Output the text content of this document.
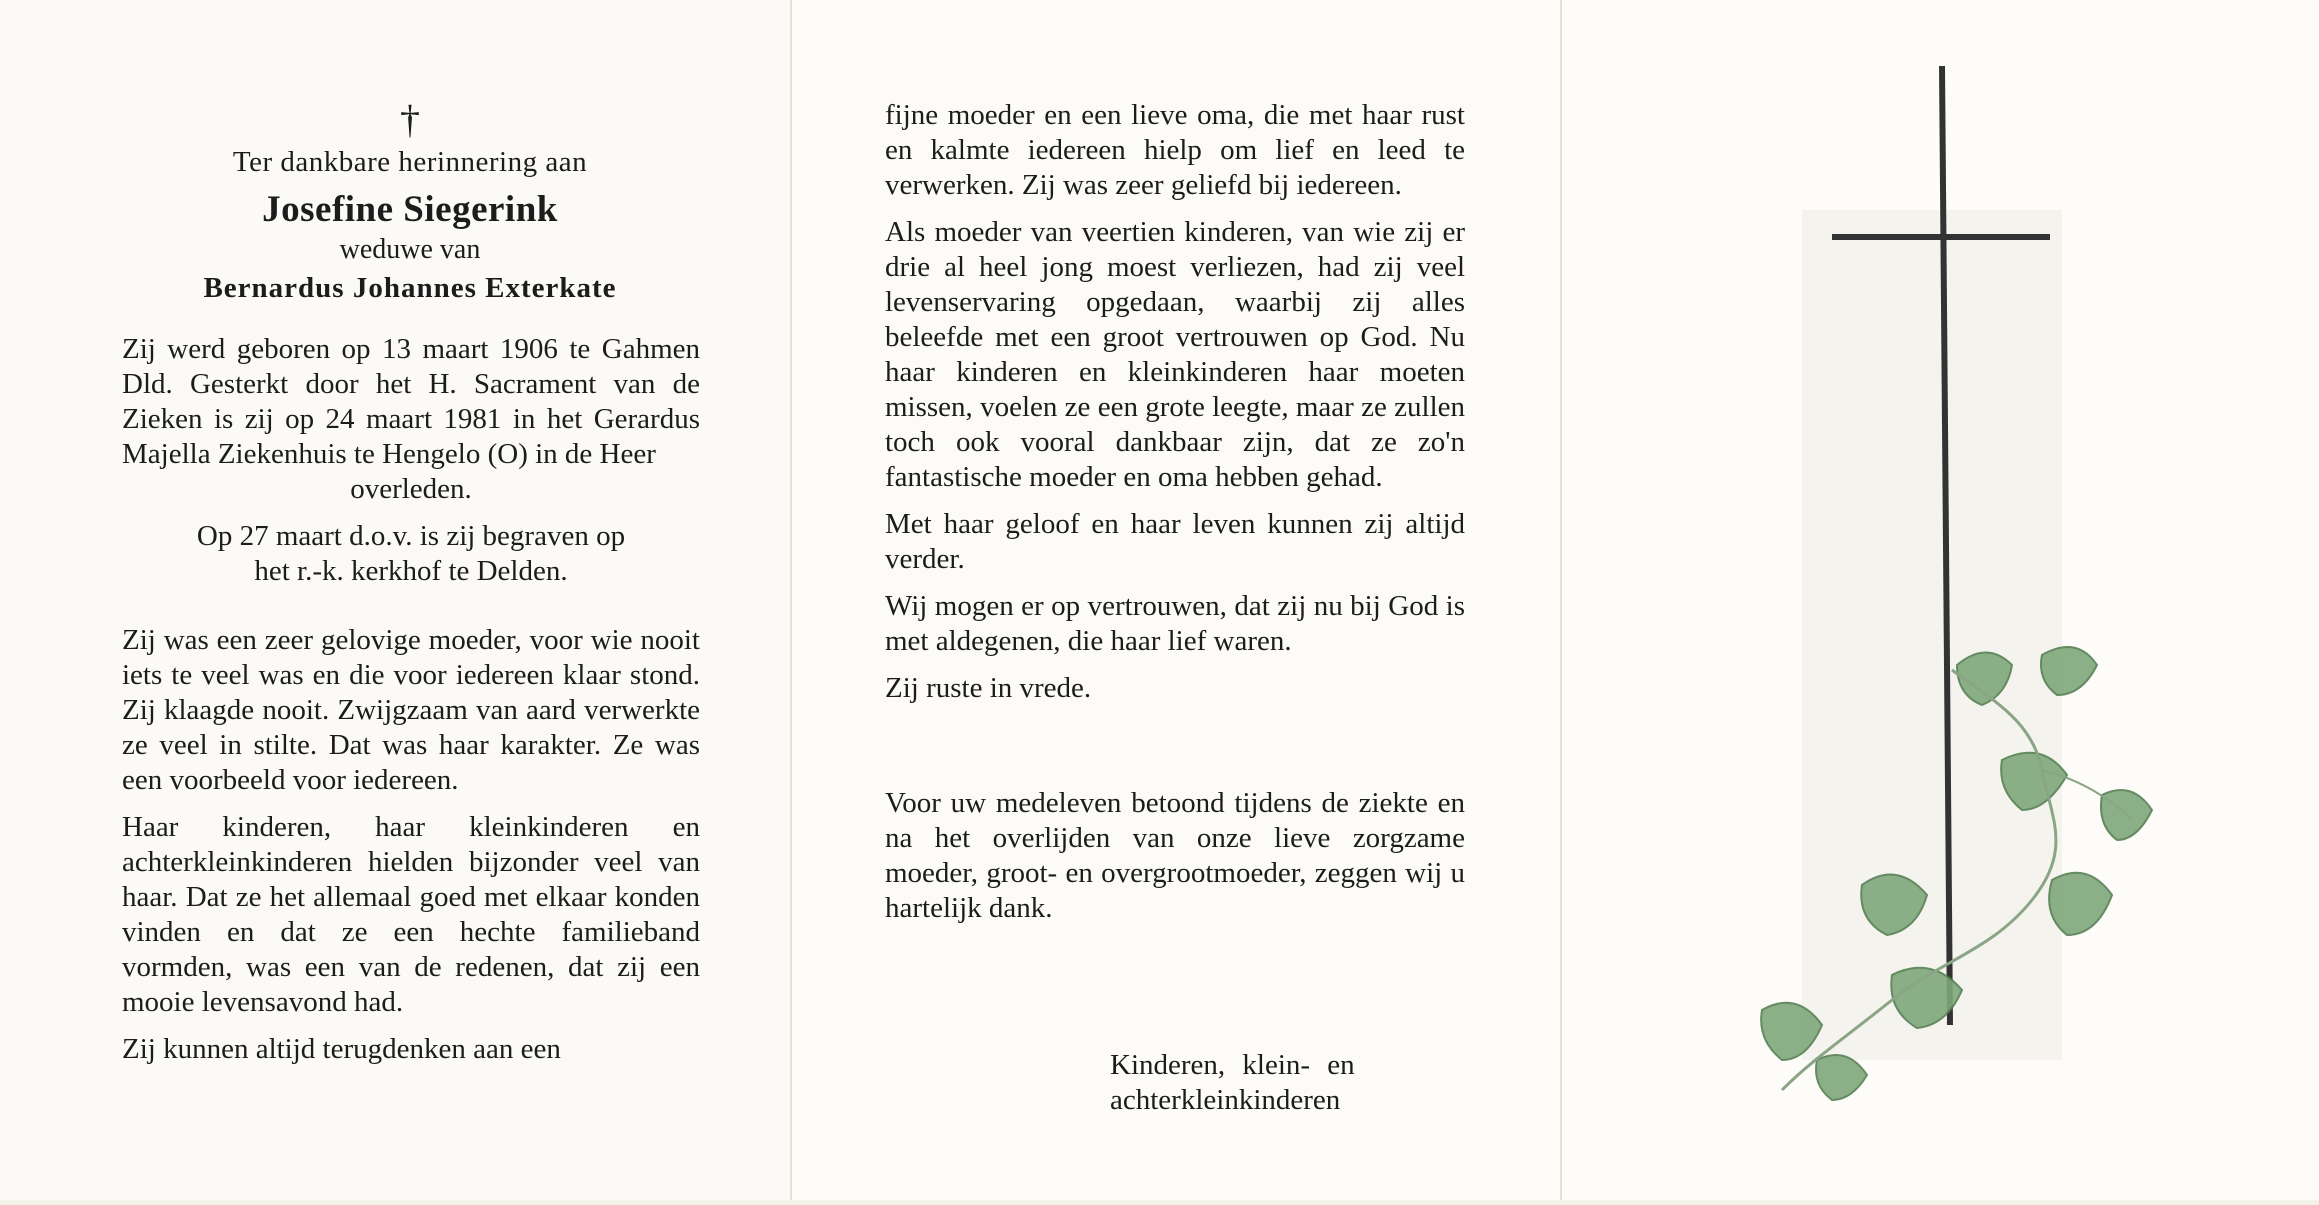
†
Ter dankbare herinnering aan
Josefine Siegerink
weduwe van
Bernardus Johannes Exterkate

Zij werd geboren op 13 maart 1906 te Gahmen Dld. Gesterkt door het H. Sacrament van de Zieken is zij op 24 maart 1981 in het Gerardus Majella Ziekenhuis te Hengelo (O) in de Heer

overleden.

Op 27 maart d.o.v. is zij begraven op

het r.-k. kerkhof te Delden.

Zij was een zeer gelovige moeder, voor wie nooit iets te veel was en die voor iedereen klaar stond. Zij klaagde nooit. Zwijgzaam van aard verwerkte ze veel in stilte. Dat was haar karakter. Ze was een voorbeeld voor iedereen.

Haar kinderen, haar kleinkinderen en achterkleinkinderen hielden bijzonder veel van haar. Dat ze het allemaal goed met elkaar konden vinden en dat ze een hechte familieband vormden, was een van de redenen, dat zij een mooie levensavond had.

Zij kunnen altijd terugdenken aan een

fijne moeder en een lieve oma, die met haar rust en kalmte iedereen hielp om lief en leed te verwerken. Zij was zeer geliefd bij iedereen.

Als moeder van veertien kinderen, van wie zij er drie al heel jong moest verliezen, had zij veel levenservaring opgedaan, waarbij zij alles beleefde met een groot vertrouwen op God. Nu haar kinderen en kleinkinderen haar moeten missen, voelen ze een grote leegte, maar ze zullen toch ook vooral dankbaar zijn, dat ze zo'n fantastische moeder en oma hebben gehad.

Met haar geloof en haar leven kunnen zij altijd verder.

Wij mogen er op vertrouwen, dat zij nu bij God is met aldegenen, die haar lief waren.

Zij ruste in vrede.

Voor uw medeleven betoond tijdens de ziekte en na het overlijden van onze lieve zorgzame moeder, groot- en overgrootmoeder, zeggen wij u hartelijk dank.

Kinderen, klein- en
achterkleinkinderen
